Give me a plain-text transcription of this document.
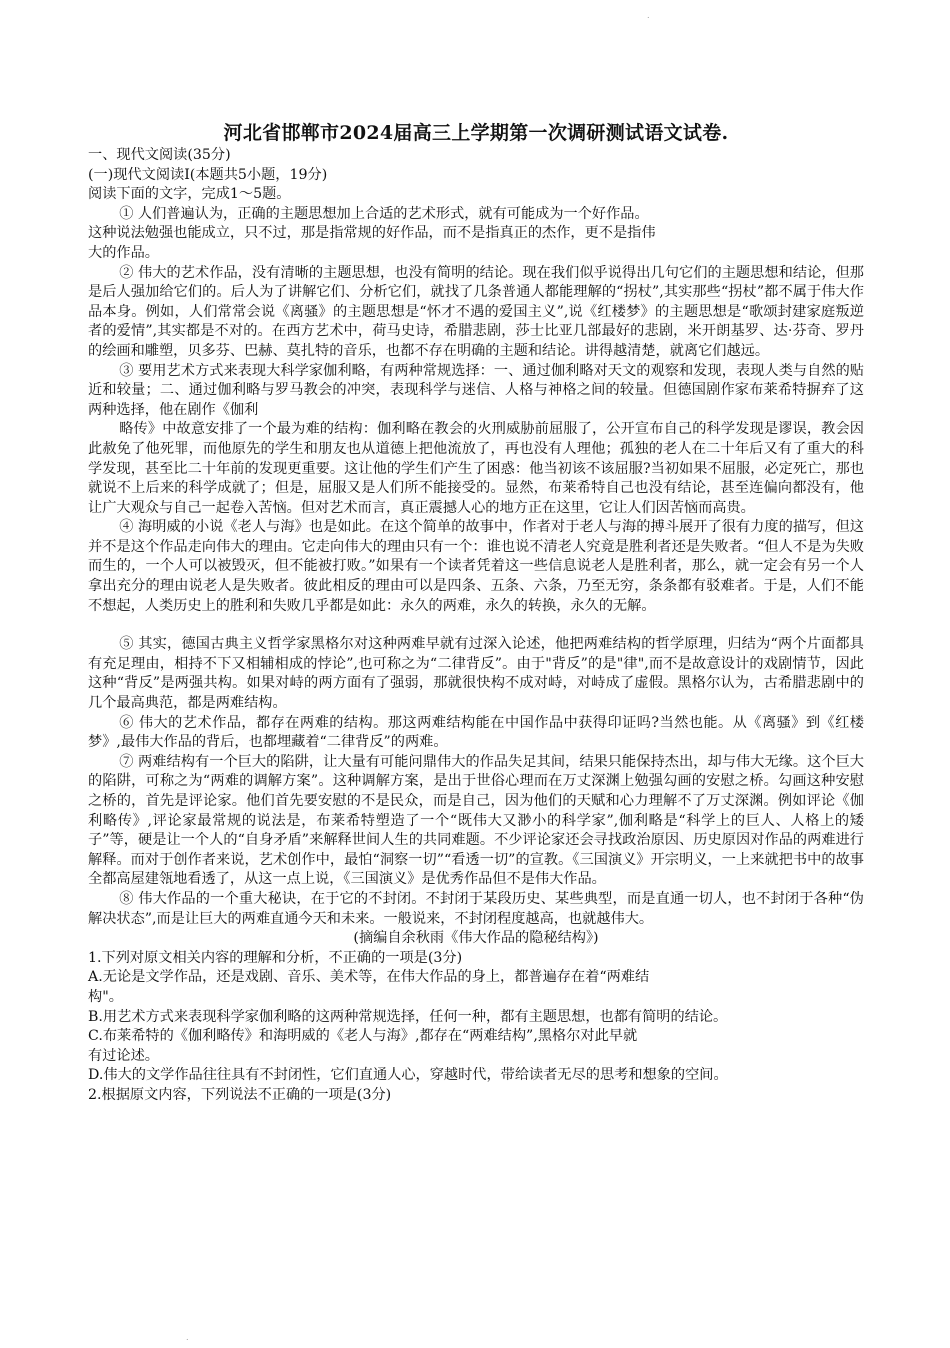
.
河北省邯郸市2024届高三上学期第一次调研测试语文试卷.

一、现代文阅读(35分)

(一)现代文阅读I(本题共5小题，19分)

阅读下面的文字，完成1～5题。

① 人们普遍认为，正确的主题思想加上合适的艺术形式，就有可能成为一个好作品。

这种说法勉强也能成立，只不过，那是指常规的好作品，而不是指真正的杰作，更不是指伟

大的作品。

② 伟大的艺术作品，没有清晰的主题思想，也没有简明的结论。现在我们似乎说得出几句它们的主题思想和结论，但那是后人强加给它们的。后人为了讲解它们、分析它们，就找了几条普通人都能理解的“拐杖”,其实那些“拐杖”都不属于伟大作品本身。例如，人们常常会说《离骚》的主题思想是“怀才不遇的爱国主义”,说《红楼梦》的主题思想是“歌颂封建家庭叛逆者的爱情”,其实都是不对的。在西方艺术中，荷马史诗，希腊悲剧，莎士比亚几部最好的悲剧，米开朗基罗、达·芬奇、罗丹的绘画和雕塑，贝多芬、巴赫、莫扎特的音乐，也都不存在明确的主题和结论。讲得越清楚，就离它们越远。

③ 要用艺术方式来表现大科学家伽利略，有两种常规选择：一、通过伽利略对天文的观察和发现，表现人类与自然的贴近和较量；二、通过伽利略与罗马教会的冲突，表现科学与迷信、人格与神格之间的较量。但德国剧作家布莱希特摒弃了这两种选择，他在剧作《伽利

略传》中故意安排了一个最为难的结构：伽利略在教会的火刑威胁前屈服了，公开宣布自己的科学发现是谬误，教会因此赦免了他死罪，而他原先的学生和朋友也从道德上把他流放了，再也没有人理他；孤独的老人在二十年后又有了重大的科学发现，甚至比二十年前的发现更重要。这让他的学生们产生了困惑：他当初该不该屈服?当初如果不屈服，必定死亡，那也就说不上后来的科学成就了；但是，屈服又是人们所不能接受的。显然，布莱希特自己也没有结论，甚至连偏向都没有，他让广大观众与自己一起卷入苦恼。但对艺术而言，真正震撼人心的地方正在这里，它让人们因苦恼而高贵。

④ 海明威的小说《老人与海》也是如此。在这个简单的故事中，作者对于老人与海的搏斗展开了很有力度的描写，但这并不是这个作品走向伟大的理由。它走向伟大的理由只有一个：谁也说不清老人究竟是胜利者还是失败者。“但人不是为失败而生的，一个人可以被毁灭，但不能被打败。”如果有一个读者凭着这一些信息说老人是胜利者，那么，就一定会有另一个人拿出充分的理由说老人是失败者。彼此相反的理由可以是四条、五条、六条，乃至无穷，条条都有驳难者。于是，人们不能不想起，人类历史上的胜利和失败几乎都是如此：永久的两难，永久的转换，永久的无解。

⑤ 其实，德国古典主义哲学家黑格尔对这种两难早就有过深入论述，他把两难结构的哲学原理，归结为“两个片面都具有充足理由，相持不下又相辅相成的悖论”,也可称之为“二律背反”。由于"背反”的是"律",而不是故意设计的戏剧情节，因此这种“背反”是两强共构。如果对峙的两方面有了强弱，那就很快构不成对峙，对峙成了虚假。黑格尔认为，古希腊悲剧中的几个最高典范，都是两难结构。

⑥ 伟大的艺术作品，都存在两难的结构。那这两难结构能在中国作品中获得印证吗?当然也能。从《离骚》到《红楼梦》,最伟大作品的背后，也都埋藏着“二律背反”的两难。

⑦ 两难结构有一个巨大的陷阱，让大量有可能问鼎伟大的作品失足其间，结果只能保持杰出，却与伟大无缘。这个巨大的陷阱，可称之为“两难的调解方案”。这种调解方案，是出于世俗心理而在万丈深渊上勉强勾画的安慰之桥。勾画这种安慰之桥的，首先是评论家。他们首先要安慰的不是民众，而是自己，因为他们的天赋和心力理解不了万丈深渊。例如评论《伽利略传》,评论家最常规的说法是，布莱希特塑造了一个“既伟大又渺小的科学家”,伽利略是“科学上的巨人、人格上的矮子”等，硬是让一个人的“自身矛盾”来解释世间人生的共同难题。不少评论家还会寻找政治原因、历史原因对作品的两难进行解释。而对于创作者来说，艺术创作中，最怕“洞察一切”“看透一切”的宣教。《三国演义》开宗明义，一上来就把书中的故事全都高屋建瓴地看透了，从这一点上说，《三国演义》是优秀作品但不是伟大作品。

⑧ 伟大作品的一个重大秘诀，在于它的不封闭。不封闭于某段历史、某些典型，而是直通一切人，也不封闭于各种“伪解决状态”,而是让巨大的两难直通今天和未来。一般说来，不封闭程度越高，也就越伟大。

(摘编自余秋雨《伟大作品的隐秘结构》)

1.下列对原文相关内容的理解和分析，不正确的一项是(3分)

A.无论是文学作品，还是戏剧、音乐、美术等，在伟大作品的身上，都普遍存在着“两难结

构"。

B.用艺术方式来表现科学家伽利略的这两种常规选择，任何一种，都有主题思想，也都有简明的结论。

C.布莱希特的《伽利略传》和海明威的《老人与海》,都存在“两难结构”,黑格尔对此早就

有过论述。

D.伟大的文学作品往往具有不封闭性，它们直通人心，穿越时代，带给读者无尽的思考和想象的空间。

2.根据原文内容，下列说法不正确的一项是(3分)

.
